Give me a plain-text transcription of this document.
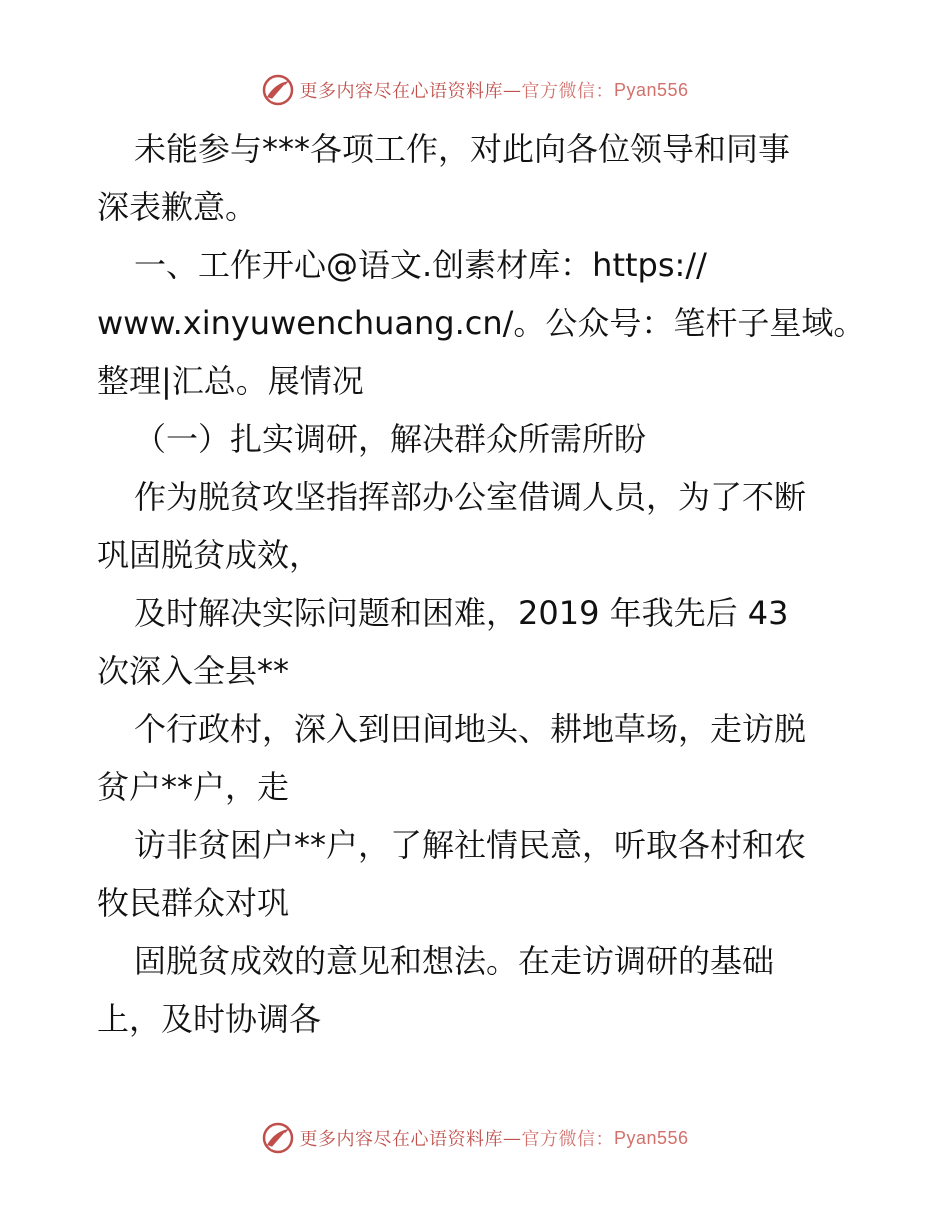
更多内容尽在心语资料库 — 官方微信： Pyan556
未能参与***各项工作，对此向各位领导和同事
深表歉意。
一、工作开心@语文.创素材库：https://
www.xinyuwenchuang.cn/。公众号：笔杆子星域。
整理|汇总。展情况
（一）扎实调研，解决群众所需所盼
作为脱贫攻坚指挥部办公室借调人员，为了不断
巩固脱贫成效，
及时解决实际问题和困难，2019 年我先后 43
次深入全县**
个行政村，深入到田间地头、耕地草场，走访脱
贫户**户，走
访非贫困户**户，了解社情民意，听取各村和农
牧民群众对巩
固脱贫成效的意见和想法。在走访调研的基础
上，及时协调各
更多内容尽在心语资料库 — 官方微信： Pyan556
